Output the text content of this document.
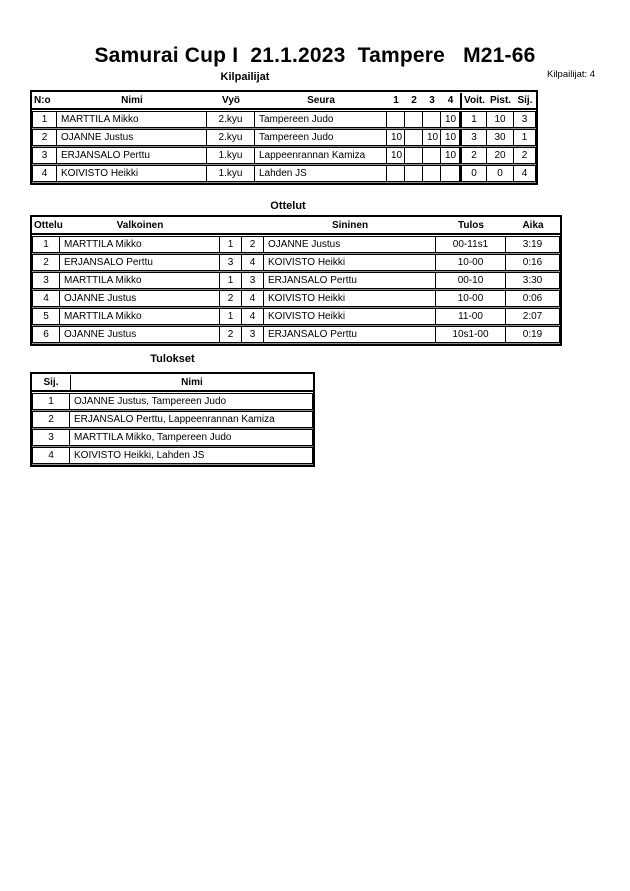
Samurai Cup I  21.1.2023  Tampere   M21-66
Kilpailijat: 4
Kilpailijat
N:o	Nimi	Vyö	Seura	1	2	3	4	Voit.	Pist.	Sij.
1	MARTTILA Mikko	2.kyu	Tampereen Judo				10	1	10	3
2	OJANNE Justus	2.kyu	Tampereen Judo	10		10	10	3	30	1
3	ERJANSALO Perttu	1.kyu	Lappeenrannan Kamiza	10			10	2	20	2
4	KOIVISTO Heikki	1.kyu	Lahden JS					0	0	4
Ottelut
Ottelu	Valkoinen			Sininen	Tulos	Aika
1	MARTTILA Mikko	1	2	OJANNE Justus	00-11s1	3:19
2	ERJANSALO Perttu	3	4	KOIVISTO Heikki	10-00	0:16
3	MARTTILA Mikko	1	3	ERJANSALO Perttu	00-10	3:30
4	OJANNE Justus	2	4	KOIVISTO Heikki	10-00	0:06
5	MARTTILA Mikko	1	4	KOIVISTO Heikki	11-00	2:07
6	OJANNE Justus	2	3	ERJANSALO Perttu	10s1-00	0:19
Tulokset
Sij.	Nimi
1	OJANNE Justus, Tampereen Judo
2	ERJANSALO Perttu, Lappeenrannan Kamiza
3	MARTTILA Mikko, Tampereen Judo
4	KOIVISTO Heikki, Lahden JS
